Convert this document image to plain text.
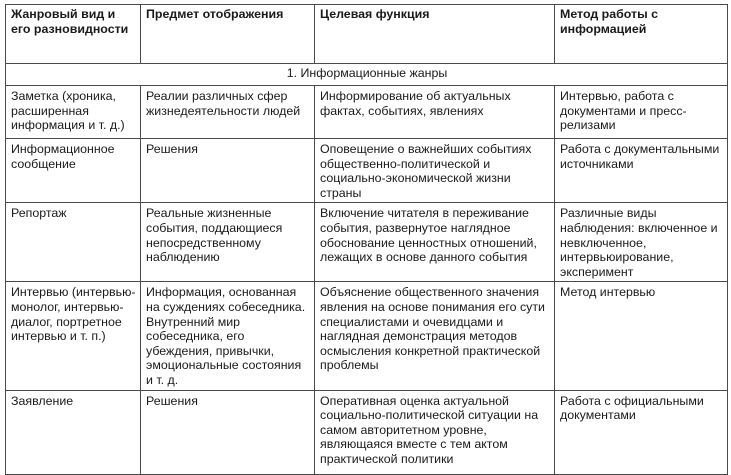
Жанровый вид и его разновидности	Предмет отображения	Целевая функция	Метод работы с информацией

1. Информационные жанры			
Заметка (хроника, расширенная информация и т. д.)	Реалии различных сфер жизнедеятельности людей	Информирование об актуальных фактах, событиях, явлениях	Интервью, работа с документами и пресс-релизами
Информационное сообщение	Решения	Оповещение о важнейших событиях общественно-политической и социально-экономической жизни страны	Работа с документальными источниками
Репортаж	Реальные жизненные события, поддающиеся непосредственному наблюдению	Включение читателя в переживание события, развернутое наглядное обоснование ценностных отношений, лежащих в основе данного события	Различные виды наблюдения: включенное и невключенное, интервьюирование, эксперимент
Интервью (интервью-монолог, интервью-диалог, портретное интервью и т. п.)	Информация, основанная на суждениях собеседника. Внутренний мир собеседника, его убеждения, привычки, эмоциональные состояния и т. д.	Объяснение общественного значения явления на основе понимания его сути специалистами и очевидцами и наглядная демонстрация методов осмысления конкретной практической проблемы	Метод интервью
Заявление	Решения	Оперативная оценка актуальной социально-политической ситуации на самом авторитетном уровне, являющаяся вместе с тем актом практической политики	Работа с официальными документами
